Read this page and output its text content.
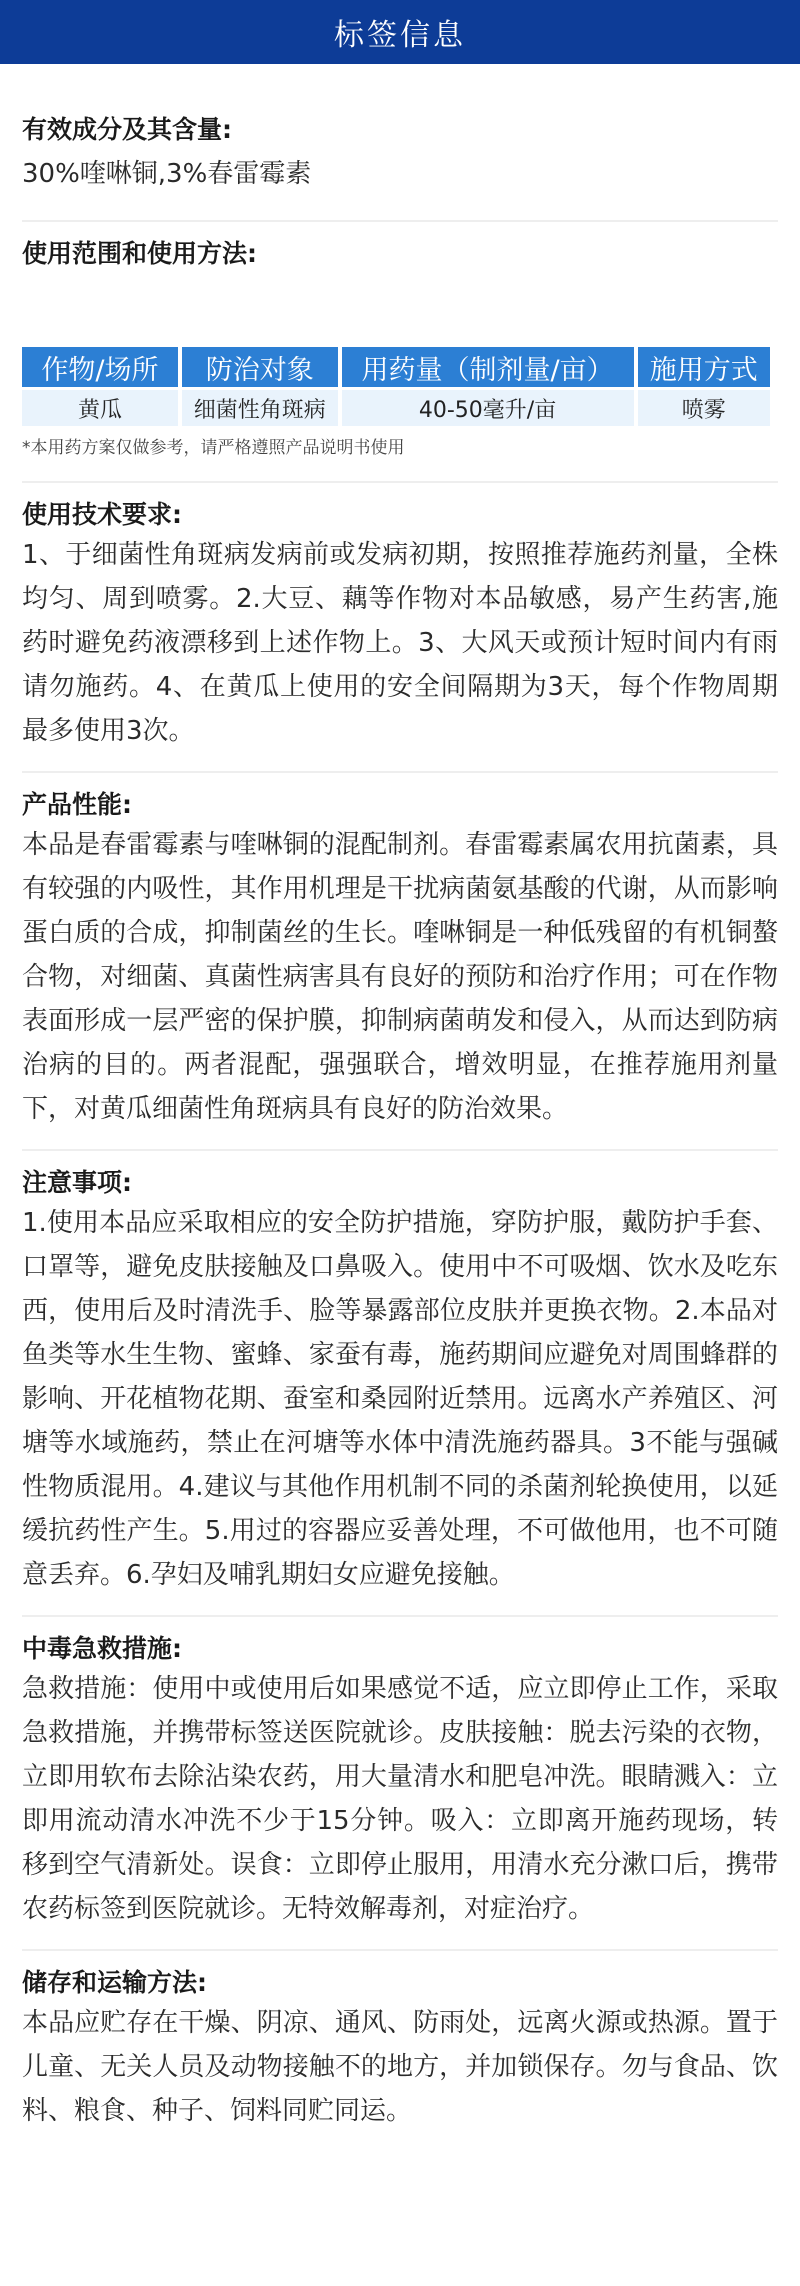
标签信息
有效成分及其含量:
30%喹啉铜,3%春雷霉素
使用范围和使用方法:
作物/场所	防治对象	用药量（制剂量/亩）	施用方式
黄瓜	细菌性角斑病	40-50毫升/亩	喷雾
*本用药方案仅做参考，请严格遵照产品说明书使用
使用技术要求:
1、于细菌性角斑病发病前或发病初期，按照推荐施药剂量，全株均匀、周到喷雾。2.大豆、藕等作物对本品敏感，易产生药害,施药时避免药液漂移到上述作物上。3、大风天或预计短时间内有雨请勿施药。4、在黄瓜上使用的安全间隔期为3天，每个作物周期最多使用3次。
产品性能:
本品是春雷霉素与喹啉铜的混配制剂。春雷霉素属农用抗菌素，具有较强的内吸性，其作用机理是干扰病菌氨基酸的代谢，从而影响蛋白质的合成，抑制菌丝的生长。喹啉铜是一种低残留的有机铜螯合物，对细菌、真菌性病害具有良好的预防和治疗作用；可在作物表面形成一层严密的保护膜，抑制病菌萌发和侵入，从而达到防病治病的目的。两者混配，强强联合，增效明显，在推荐施用剂量下，对黄瓜细菌性角斑病具有良好的防治效果。
注意事项:
1.使用本品应采取相应的安全防护措施，穿防护服，戴防护手套、口罩等，避免皮肤接触及口鼻吸入。使用中不可吸烟、饮水及吃东西，使用后及时清洗手、脸等暴露部位皮肤并更换衣物。2.本品对鱼类等水生生物、蜜蜂、家蚕有毒，施药期间应避免对周围蜂群的影响、开花植物花期、蚕室和桑园附近禁用。远离水产养殖区、河塘等水域施药，禁止在河塘等水体中清洗施药器具。3不能与强碱性物质混用。4.建议与其他作用机制不同的杀菌剂轮换使用，以延缓抗药性产生。5.用过的容器应妥善处理，不可做他用，也不可随意丢弃。6.孕妇及哺乳期妇女应避免接触。
中毒急救措施:
急救措施：使用中或使用后如果感觉不适，应立即停止工作，采取急救措施，并携带标签送医院就诊。皮肤接触：脱去污染的衣物，立即用软布去除沾染农药，用大量清水和肥皂冲洗。眼睛溅入：立即用流动清水冲洗不少于15分钟。吸入：立即离开施药现场，转移到空气清新处。误食：立即停止服用，用清水充分漱口后，携带农药标签到医院就诊。无特效解毒剂，对症治疗。
储存和运输方法:
本品应贮存在干燥、阴凉、通风、防雨处，远离火源或热源。置于儿童、无关人员及动物接触不的地方，并加锁保存。勿与食品、饮料、粮食、种子、饲料同贮同运。
